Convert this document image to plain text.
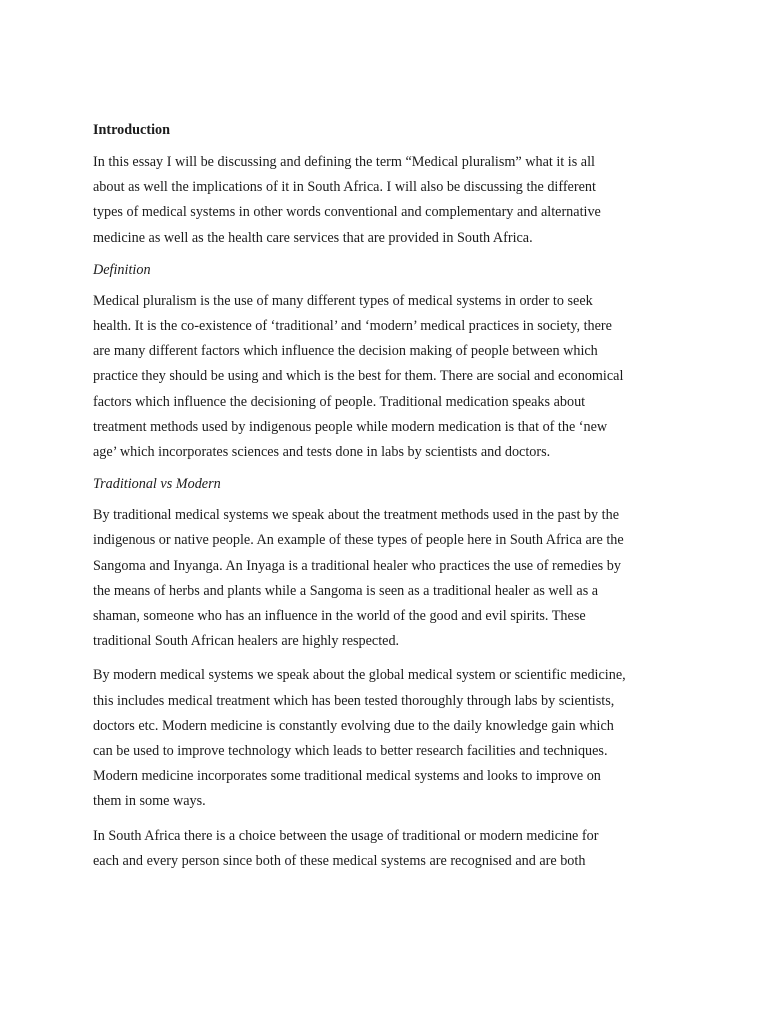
Introduction
In this essay I will be discussing and defining the term “Medical pluralism” what it is all
about as well the implications of it in South Africa. I will also be discussing the different
types of medical systems in other words conventional and complementary and alternative
medicine as well as the health care services that are provided in South Africa.
Definition
Medical pluralism is the use of many different types of medical systems in order to seek
health. It is the co-existence of ‘traditional’ and ‘modern’ medical practices in society, there
are many different factors which influence the decision making of people between which
practice they should be using and which is the best for them. There are social and economical
factors which influence the decisioning of people. Traditional medication speaks about
treatment methods used by indigenous people while modern medication is that of the ‘new
age’ which incorporates sciences and tests done in labs by scientists and doctors.
Traditional vs Modern
By traditional medical systems we speak about the treatment methods used in the past by the
indigenous or native people. An example of these types of people here in South Africa are the
Sangoma and Inyanga. An Inyaga is a traditional healer who practices the use of remedies by
the means of herbs and plants while a Sangoma is seen as a traditional healer as well as a
shaman, someone who has an influence in the world of the good and evil spirits. These
traditional South African healers are highly respected.
By modern medical systems we speak about the global medical system or scientific medicine,
this includes medical treatment which has been tested thoroughly through labs by scientists,
doctors etc. Modern medicine is constantly evolving due to the daily knowledge gain which
can be used to improve technology which leads to better research facilities and techniques.
Modern medicine incorporates some traditional medical systems and looks to improve on
them in some ways.
In South Africa there is a choice between the usage of traditional or modern medicine for
each and every person since both of these medical systems are recognised and are both
